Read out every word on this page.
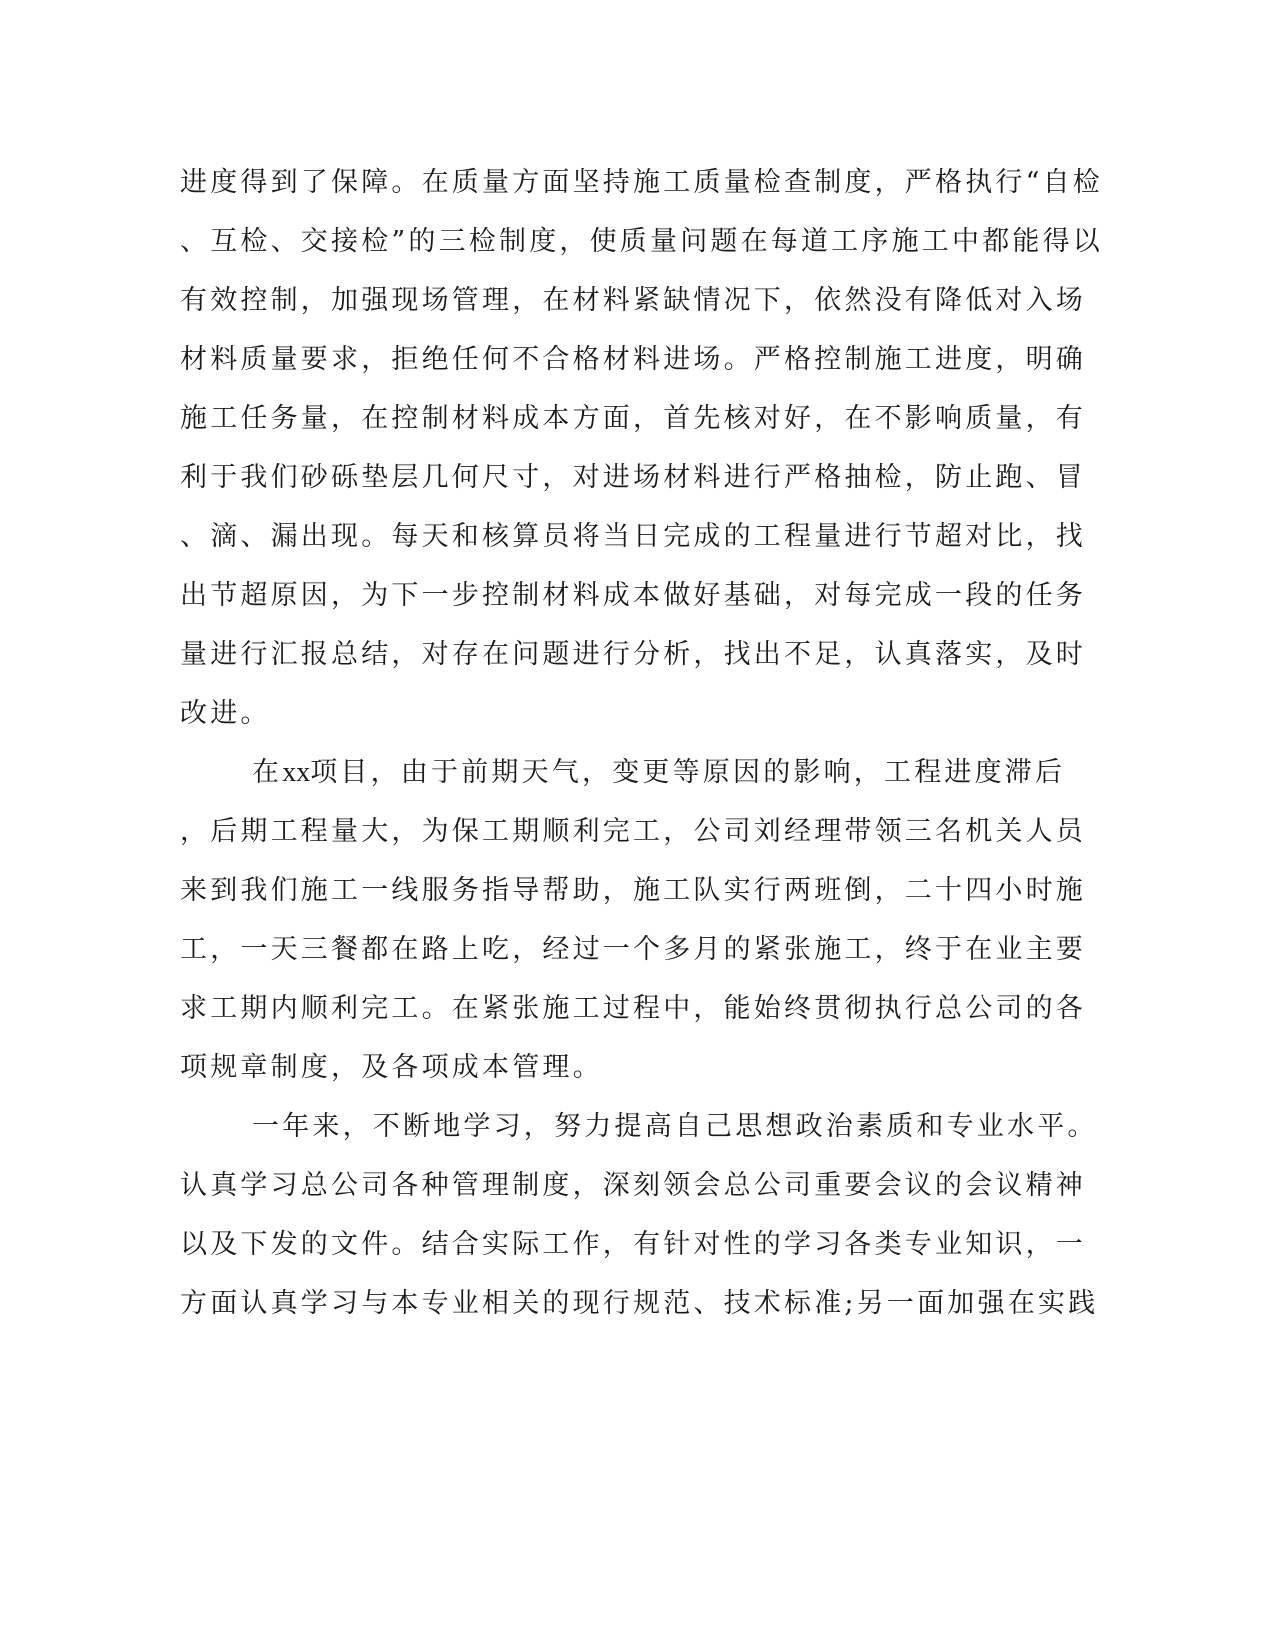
进度得到了保障。在质量方面坚持施工质量检查制度，严格执行“自检
、互检、交接检”的三检制度，使质量问题在每道工序施工中都能得以
有效控制，加强现场管理，在材料紧缺情况下，依然没有降低对入场
材料质量要求，拒绝任何不合格材料进场。严格控制施工进度，明确
施工任务量，在控制材料成本方面，首先核对好，在不影响质量，有
利于我们砂砾垫层几何尺寸，对进场材料进行严格抽检，防止跑、冒
、滴、漏出现。每天和核算员将当日完成的工程量进行节超对比，找
出节超原因，为下一步控制材料成本做好基础，对每完成一段的任务
量进行汇报总结，对存在问题进行分析，找出不足，认真落实，及时
改进。
在xx项目，由于前期天气，变更等原因的影响，工程进度滞后
，后期工程量大，为保工期顺利完工，公司刘经理带领三名机关人员
来到我们施工一线服务指导帮助，施工队实行两班倒，二十四小时施
工，一天三餐都在路上吃，经过一个多月的紧张施工，终于在业主要
求工期内顺利完工。在紧张施工过程中，能始终贯彻执行总公司的各
项规章制度，及各项成本管理。
一年来，不断地学习，努力提高自己思想政治素质和专业水平。
认真学习总公司各种管理制度，深刻领会总公司重要会议的会议精神
以及下发的文件。结合实际工作，有针对性的学习各类专业知识，一
方面认真学习与本专业相关的现行规范、技术标准;另一面加强在实践
